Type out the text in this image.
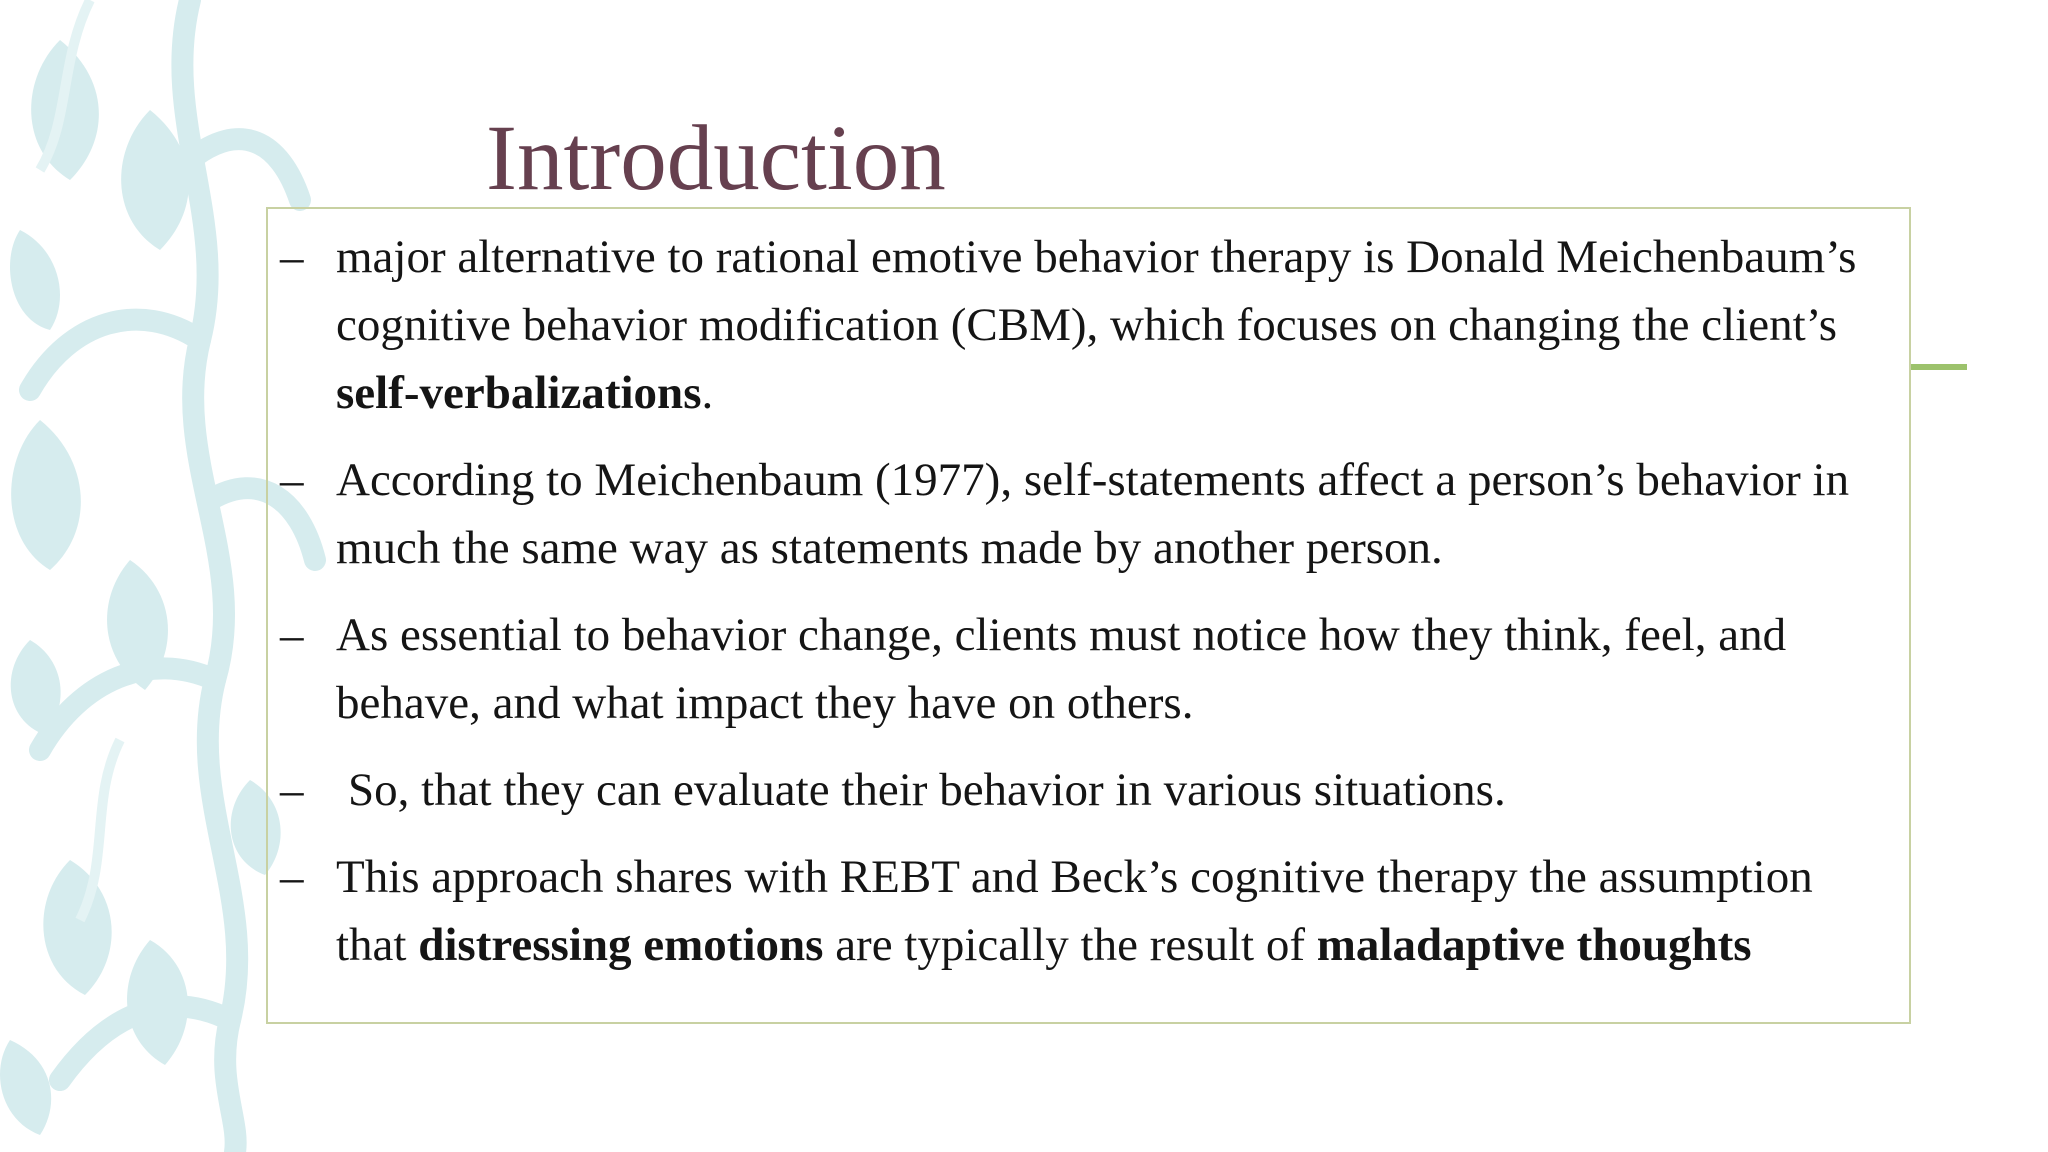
Introduction
– major alternative to rational emotive behavior therapy is Donald Meichenbaum’s cognitive behavior modification (CBM), which focuses on changing the client’s self-verbalizations.
– According to Meichenbaum (1977), self-statements affect a person’s behavior in much the same way as statements made by another person.
– As essential to behavior change, clients must notice how they think, feel, and behave, and what impact they have on others.
– So, that they can evaluate their behavior in various situations.
– This approach shares with REBT and Beck’s cognitive therapy the assumption that distressing emotions are typically the result of maladaptive thoughts
